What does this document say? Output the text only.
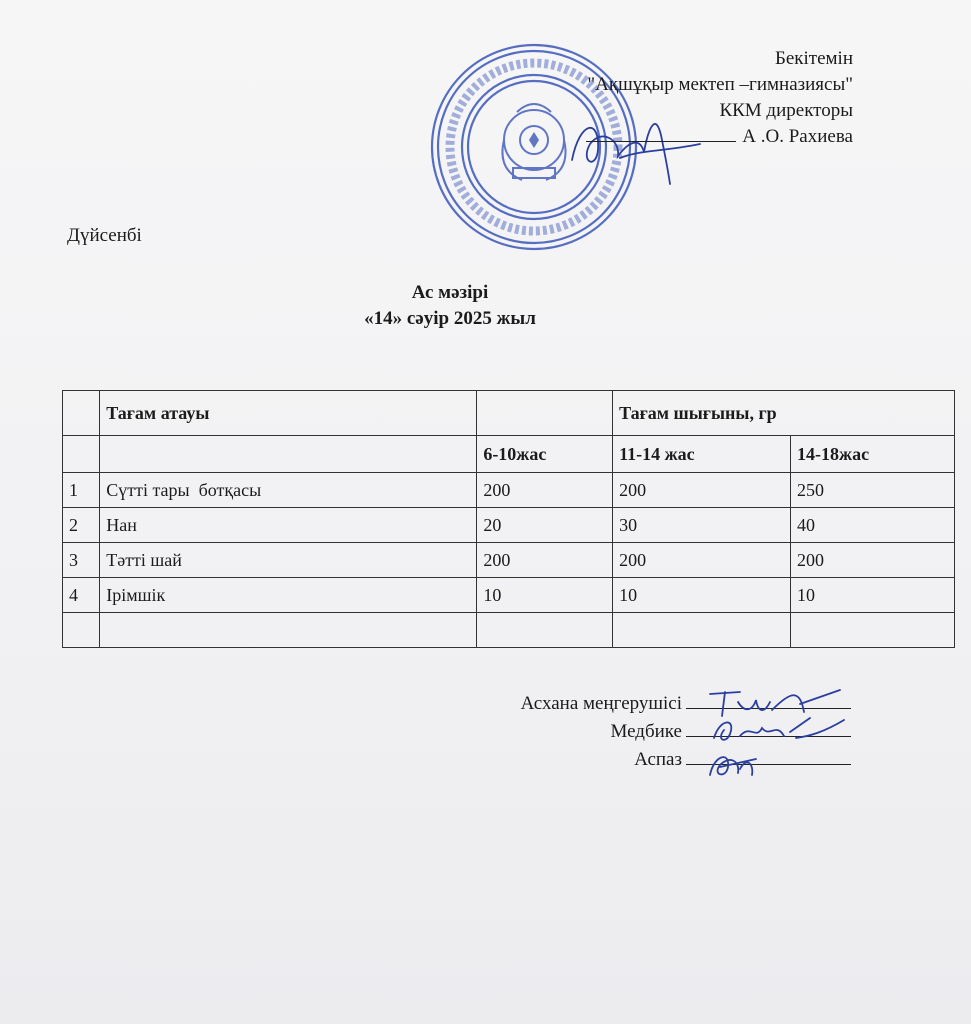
Бекітемін
"Ақшұқыр мектеп –гимназиясы"
ККМ директоры
А .О. Рахиева
Дүйсенбі
Ас мәзірі
«14» сәуір 2025 жыл
	Тағам атауы		Тағам шығыны, гр	
		6-10жас	11-14 жас	14-18жас
1	Сүтті тары  ботқасы	200	200	250
2	Нан	20	30	40
3	Тәтті шай	200	200	200
4	Ірімшік	10	10	10

Асхана меңгерушісі
Медбике
Аспаз
